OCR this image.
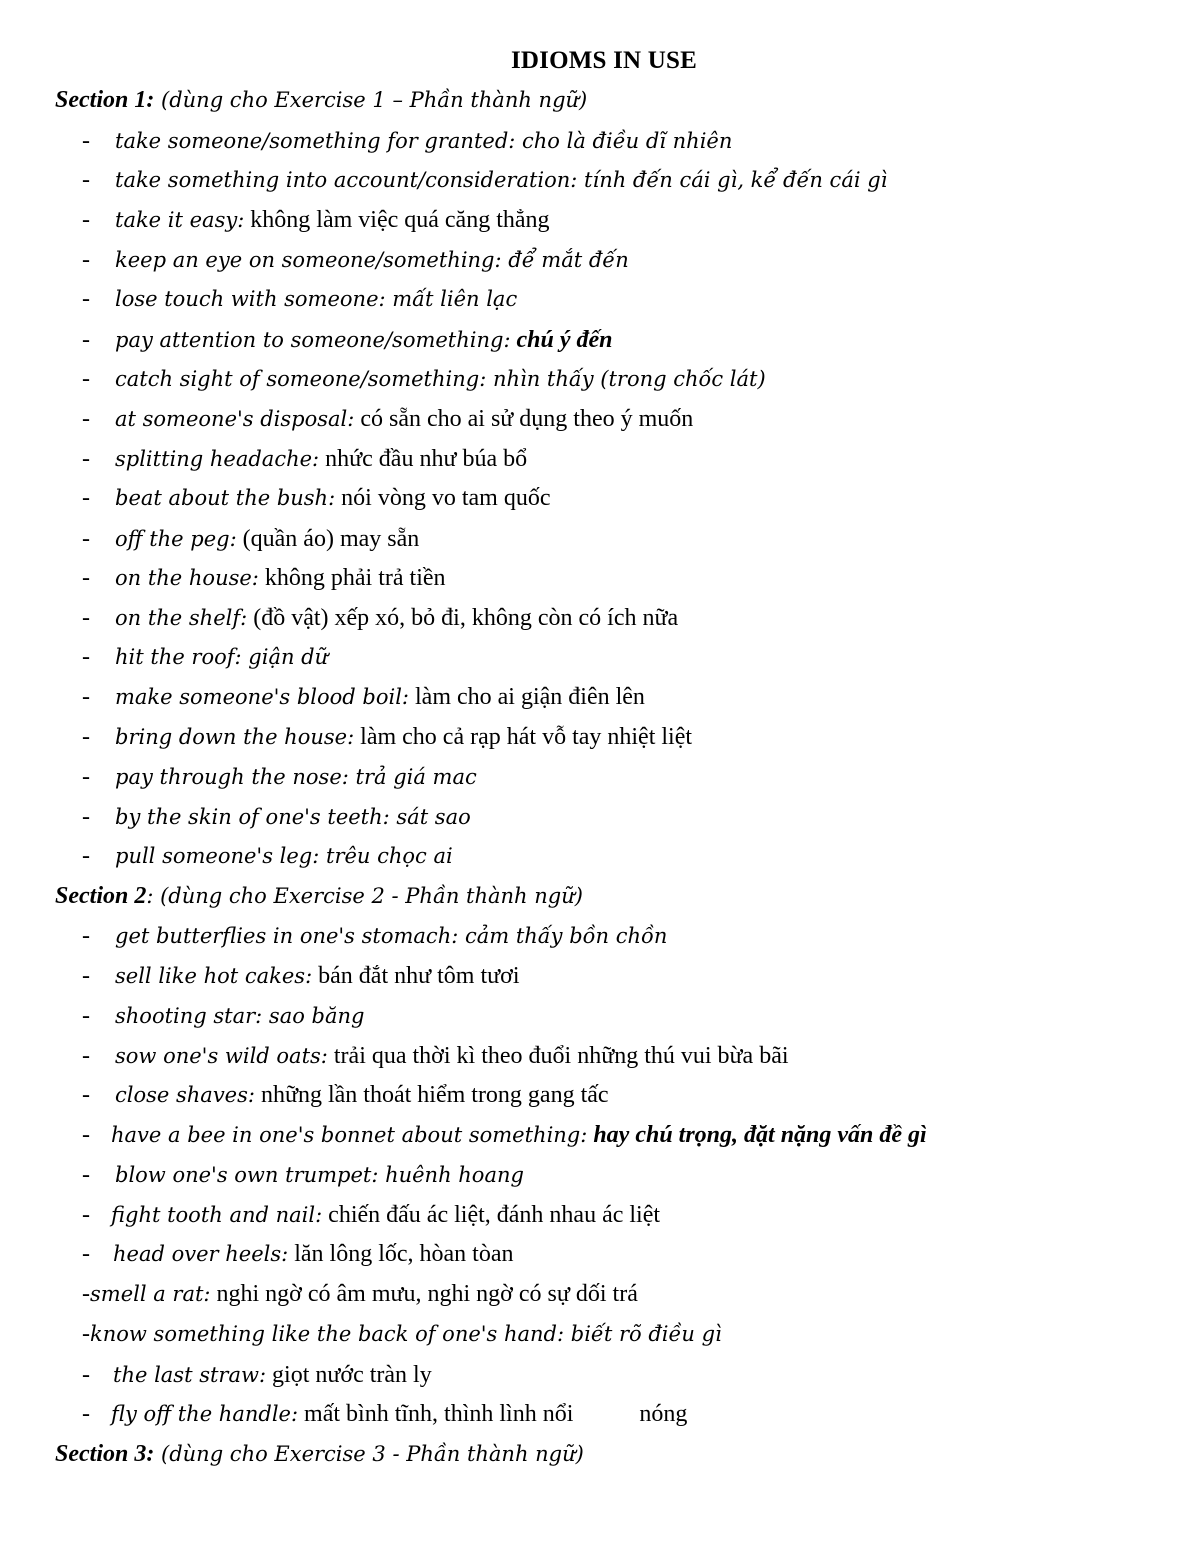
IDIOMS IN USE
Section 1: (dùng cho Exercise 1 – Phần thành ngữ)
- take someone/something for granted: cho là điều dĩ nhiên
- take something into account/consideration: tính đến cái gì, kể đến cái gì
- take it easy: không làm việc quá căng thẳng
- keep an eye on someone/something: để mắt đến
- lose touch with someone: mất liên lạc
- pay attention to someone/something: chú ý đến
- catch sight of someone/something: nhìn thấy (trong chốc lát)
- at someone's disposal: có sẵn cho ai sử dụng theo ý muốn
- splitting headache: nhức đầu như búa bổ
- beat about the bush: nói vòng vo tam quốc
- off the peg: (quần áo) may sẵn
- on the house: không phải trả tiền
- on the shelf: (đồ vật) xếp xó, bỏ đi, không còn có ích nữa
- hit the roof: giận dữ
- make someone's blood boil: làm cho ai giận điên lên
- bring down the house: làm cho cả rạp hát vỗ tay nhiệt liệt
- pay through the nose: trả giá mac
- by the skin of one's teeth: sát sao
- pull someone's leg: trêu chọc ai
Section 2: (dùng cho Exercise 2 - Phần thành ngữ)
- get butterflies in one's stomach: cảm thấy bồn chồn
- sell like hot cakes: bán đắt như tôm tươi
- shooting star: sao băng
- sow one's wild oats: trải qua thời kì theo đuổi những thú vui bừa bãi
- close shaves: những lần thoát hiểm trong gang tấc
- have a bee in one's bonnet about something: hay chú trọng, đặt nặng vấn đề gì
- blow one's own trumpet: huênh hoang
- fight tooth and nail: chiến đấu ác liệt, đánh nhau ác liệt
- head over heels: lăn lông lốc, hòan tòan
-smell a rat: nghi ngờ có âm mưu, nghi ngờ có sự dối trá
-know something like the back of one's hand: biết rõ điều gì
- the last straw: giọt nước tràn ly
- fly off the handle: mất bình tĩnh, thình lình nổi	nóng
Section 3: (dùng cho Exercise 3 - Phần thành ngữ)
